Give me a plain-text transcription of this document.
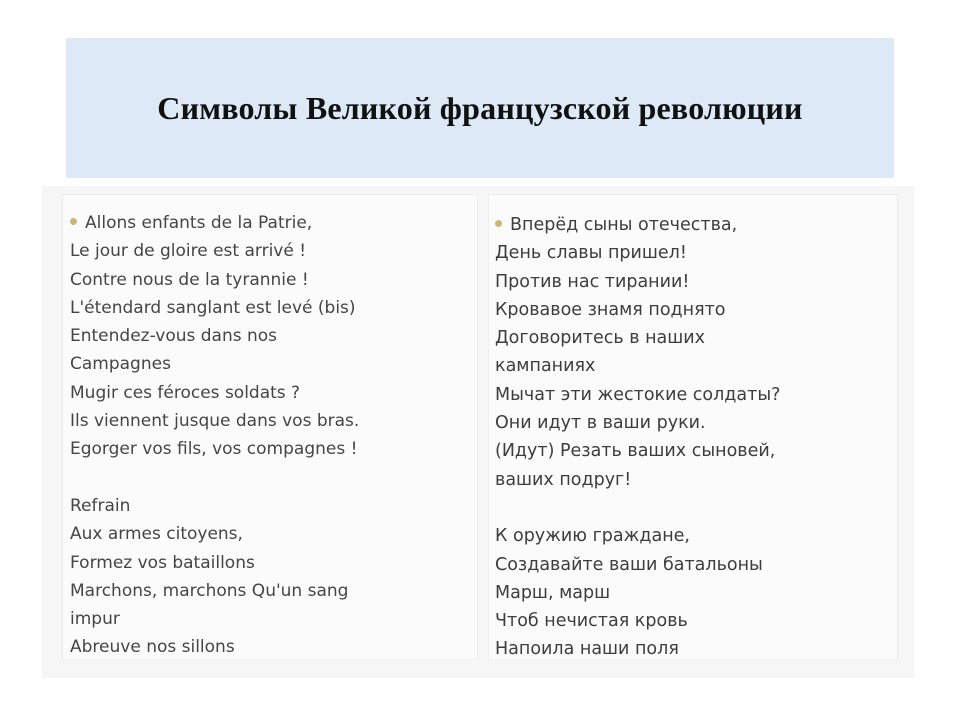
Символы Великой французской революции
Allons enfants de la Patrie,
Le jour de gloire est arrivé !
Contre nous de la tyrannie !
L'étendard sanglant est levé (bis)
Entendez-vous dans nos
Campagnes
Mugir ces féroces soldats ?
Ils viennent jusque dans vos bras.
Egorger vos fils, vos compagnes !
Refrain
Aux armes citoyens,
Formez vos bataillons
Marchons, marchons Qu'un sang
impur
Abreuve nos sillons
Вперёд сыны отечества,
День славы пришел!
Против нас тирании!
Кровавое знамя поднято
Договоритесь в наших
кампаниях
Мычат эти жестокие солдаты?
Они идут в ваши руки.
(Идут) Резать ваших сыновей,
ваших подруг!
К оружию граждане,
Создавайте ваши батальоны
Марш, марш
Чтоб нечистая кровь
Напоила наши поля
